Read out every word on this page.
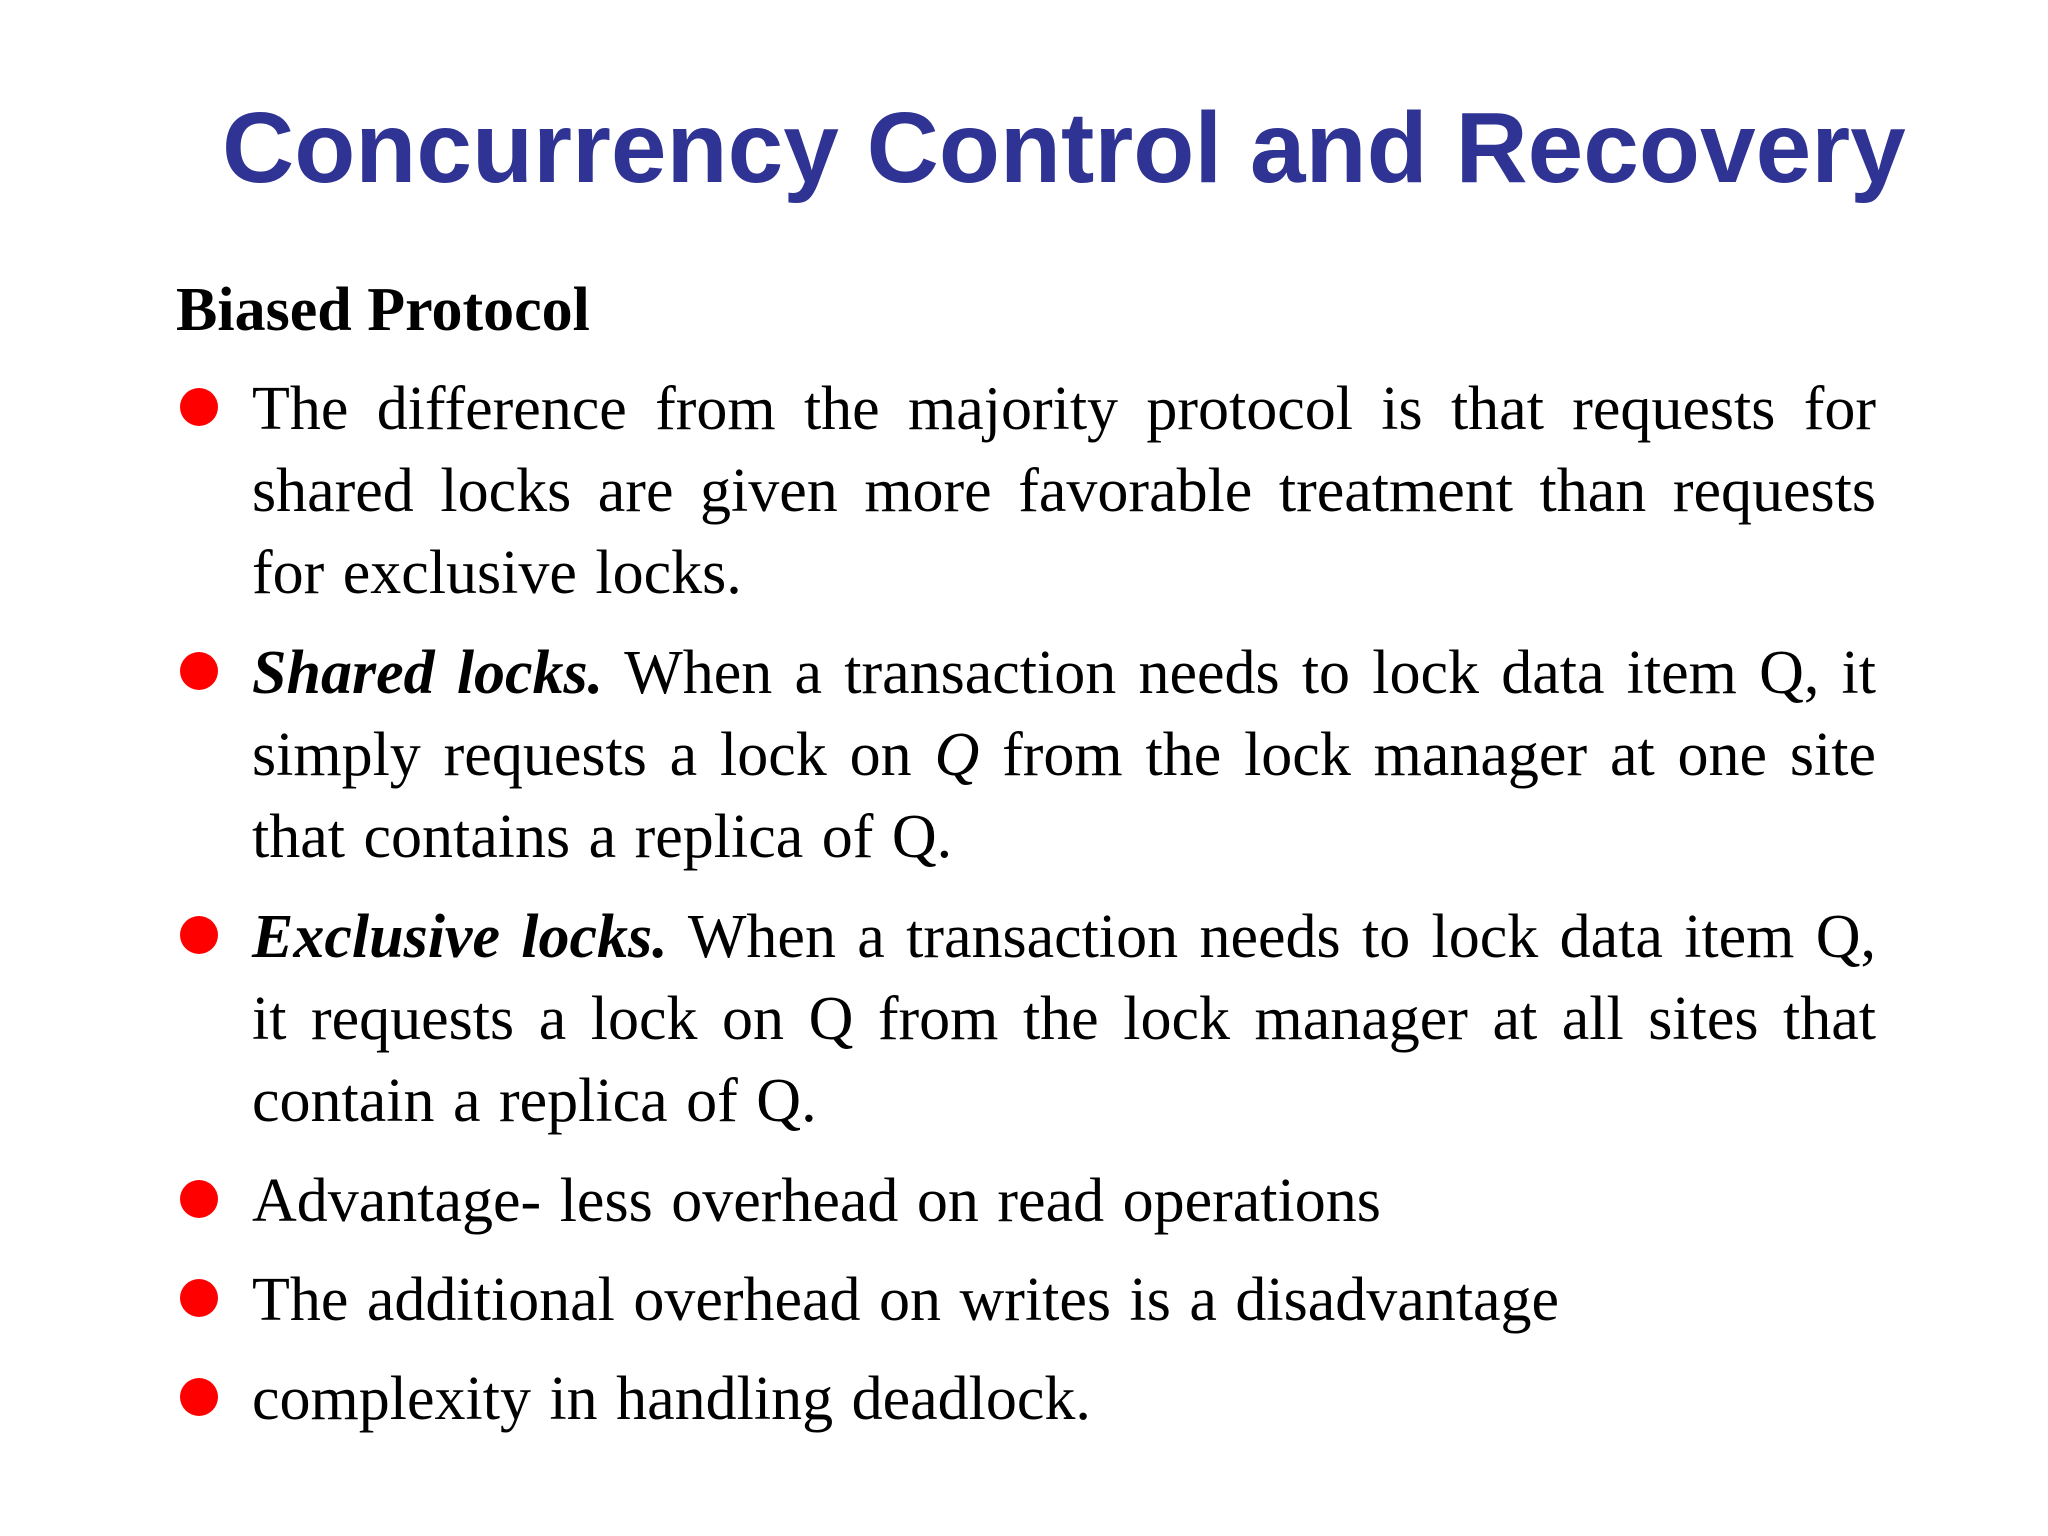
Concurrency Control and Recovery
Biased Protocol
The difference from the majority protocol is that requests for shared locks are given more favorable treatment than requests for exclusive locks.
Shared locks. When a transaction needs to lock data item Q, it simply requests a lock on Q from the lock manager at one site that contains a replica of Q.
Exclusive locks. When a transaction needs to lock data item Q, it requests a lock on Q from the lock manager at all sites that contain a replica of Q.
Advantage- less overhead on read operations
The additional overhead on writes is a disadvantage
complexity in handling deadlock.
